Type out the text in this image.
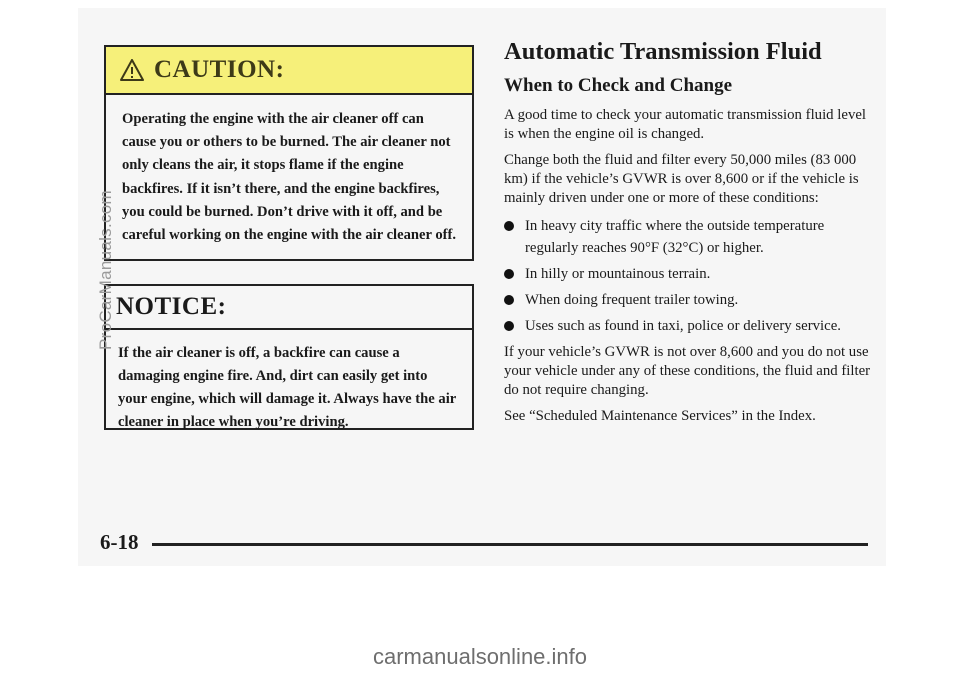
CAUTION:

Operating the engine with the air cleaner off can cause you or others to be burned. The air cleaner not only cleans the air, it stops flame if the engine backfires. If it isn’t there, and the engine backfires, you could be burned. Don’t drive with it off, and be careful working on the engine with the air cleaner off.

NOTICE:

If the air cleaner is off, a backfire can cause a damaging engine fire. And, dirt can easily get into your engine, which will damage it. Always have the air cleaner in place when you’re driving.

Automatic Transmission Fluid
When to Check and Change

A good time to check your automatic transmission fluid level is when the engine oil is changed.

Change both the fluid and filter every 50,000 miles (83 000 km) if the vehicle’s GVWR is over 8,600 or if the vehicle is mainly driven under one or more of these conditions:

In heavy city traffic where the outside temperature regularly reaches 90°F (32°C) or higher.
In hilly or mountainous terrain.
When doing frequent trailer towing.
Uses such as found in taxi, police or delivery service.

If your vehicle’s GVWR is not over 8,600 and you do not use your vehicle under any of these conditions, the fluid and filter do not require changing.

See “Scheduled Maintenance Services” in the Index.

6-18
ProCarManuals.com
carmanualsonline.info
